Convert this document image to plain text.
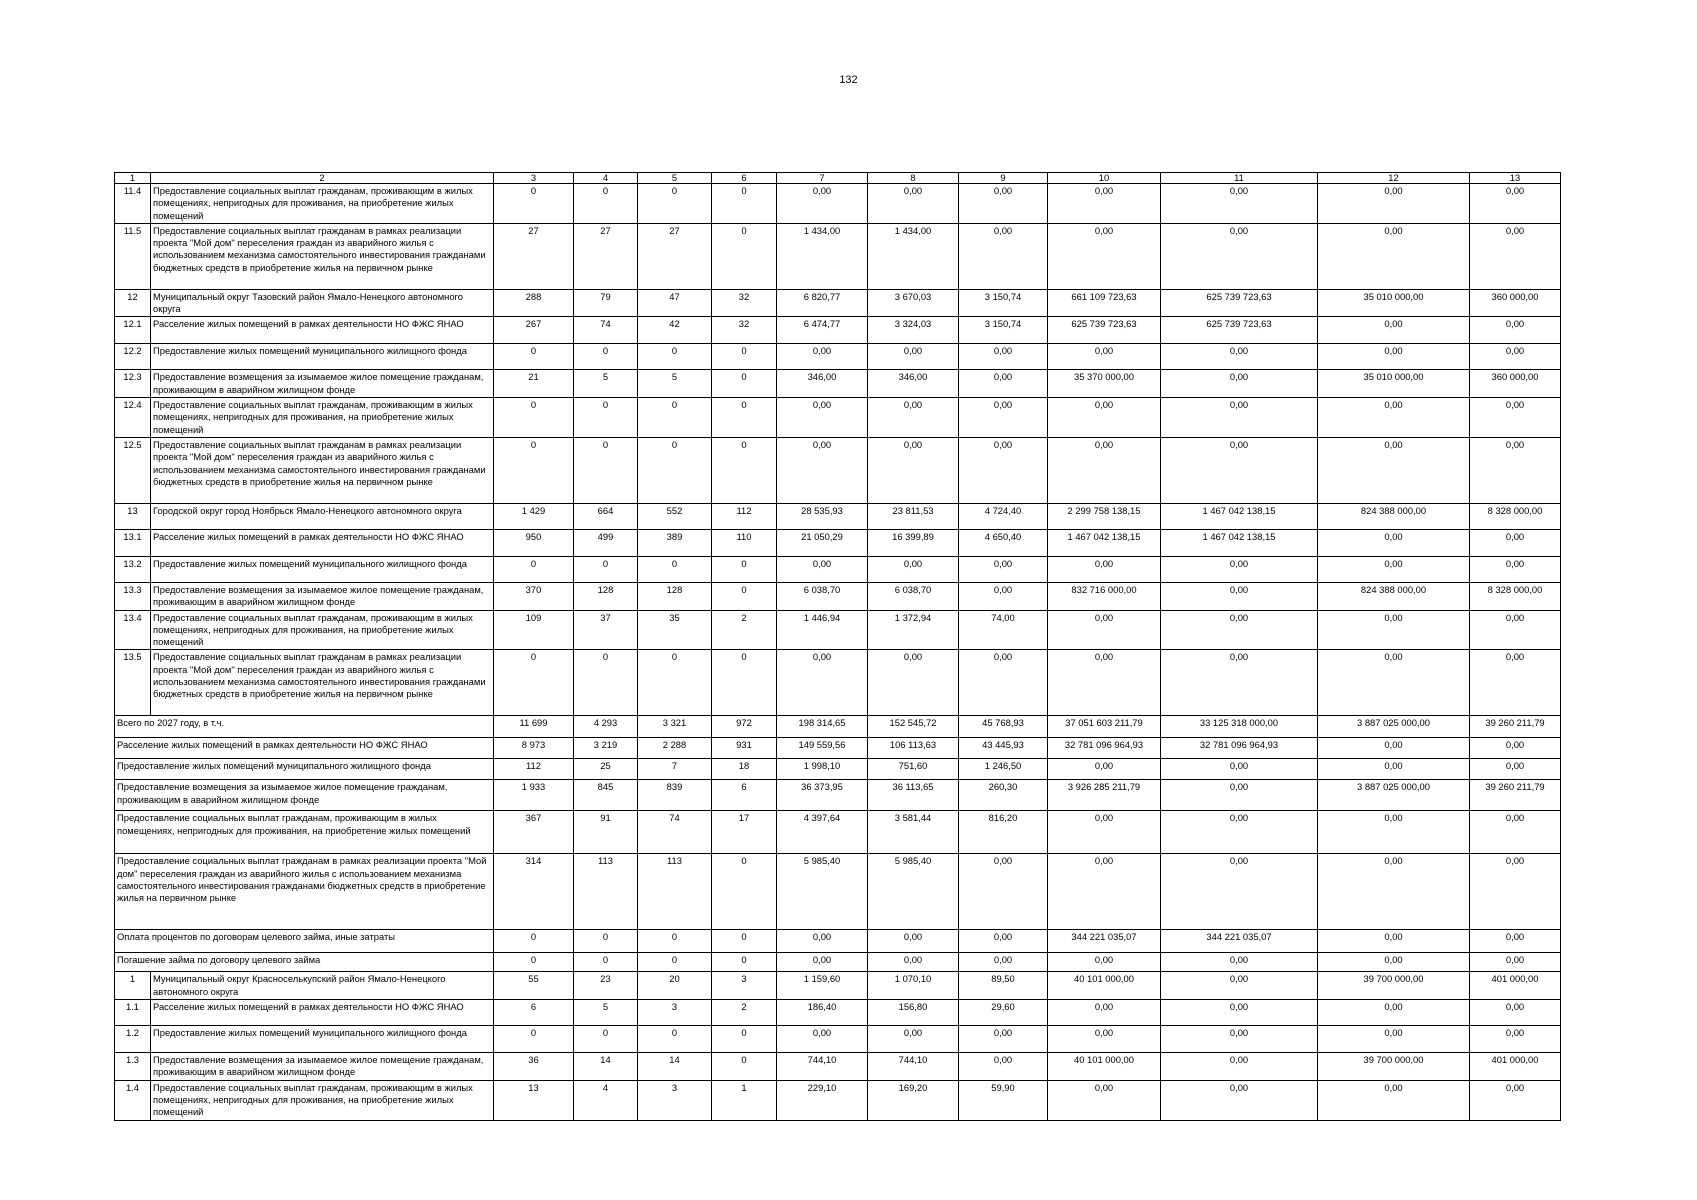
132
1	2	3	4	5	6	7	8	9	10	11	12	13
11.4	Предоставление социальных выплат гражданам, проживающим в жилых помещениях, непригодных для проживания, на приобретение жилых помещений	0	0	0	0	0,00	0,00	0,00	0,00	0,00	0,00	0,00
11.5	Предоставление социальных выплат гражданам в рамках реализации проекта "Мой дом" переселения граждан из аварийного жилья с использованием механизма самостоятельного инвестирования гражданами бюджетных средств в приобретение жилья на первичном рынке	27	27	27	0	1 434,00	1 434,00	0,00	0,00	0,00	0,00	0,00
12	Муниципальный округ Тазовский район Ямало-Ненецкого автономного округа	288	79	47	32	6 820,77	3 670,03	3 150,74	661 109 723,63	625 739 723,63	35 010 000,00	360 000,00
12.1	Расселение жилых помещений в рамках деятельности НО ФЖС ЯНАО	267	74	42	32	6 474,77	3 324,03	3 150,74	625 739 723,63	625 739 723,63	0,00	0,00
12.2	Предоставление жилых помещений муниципального жилищного фонда	0	0	0	0	0,00	0,00	0,00	0,00	0,00	0,00	0,00
12.3	Предоставление возмещения за изымаемое жилое помещение гражданам, проживающим в аварийном жилищном фонде	21	5	5	0	346,00	346,00	0,00	35 370 000,00	0,00	35 010 000,00	360 000,00
12.4	Предоставление социальных выплат гражданам, проживающим в жилых помещениях, непригодных для проживания, на приобретение жилых помещений	0	0	0	0	0,00	0,00	0,00	0,00	0,00	0,00	0,00
12.5	Предоставление социальных выплат гражданам в рамках реализации проекта "Мой дом" переселения граждан из аварийного жилья с использованием механизма самостоятельного инвестирования гражданами бюджетных средств в приобретение жилья на первичном рынке	0	0	0	0	0,00	0,00	0,00	0,00	0,00	0,00	0,00
13	Городской округ город Ноябрьск Ямало-Ненецкого автономного округа	1 429	664	552	112	28 535,93	23 811,53	4 724,40	2 299 758 138,15	1 467 042 138,15	824 388 000,00	8 328 000,00
13.1	Расселение жилых помещений в рамках деятельности НО ФЖС ЯНАО	950	499	389	110	21 050,29	16 399,89	4 650,40	1 467 042 138,15	1 467 042 138,15	0,00	0,00
13.2	Предоставление жилых помещений муниципального жилищного фонда	0	0	0	0	0,00	0,00	0,00	0,00	0,00	0,00	0,00
13.3	Предоставление возмещения за изымаемое жилое помещение гражданам, проживающим в аварийном жилищном фонде	370	128	128	0	6 038,70	6 038,70	0,00	832 716 000,00	0,00	824 388 000,00	8 328 000,00
13.4	Предоставление социальных выплат гражданам, проживающим в жилых помещениях, непригодных для проживания, на приобретение жилых помещений	109	37	35	2	1 446,94	1 372,94	74,00	0,00	0,00	0,00	0,00
13.5	Предоставление социальных выплат гражданам в рамках реализации проекта "Мой дом" переселения граждан из аварийного жилья с использованием механизма самостоятельного инвестирования гражданами бюджетных средств в приобретение жилья на первичном рынке	0	0	0	0	0,00	0,00	0,00	0,00	0,00	0,00	0,00
Всего по 2027 году, в т.ч.		11 699	4 293	3 321	972	198 314,65	152 545,72	45 768,93	37 051 603 211,79	33 125 318 000,00	3 887 025 000,00	39 260 211,79
Расселение жилых помещений в рамках деятельности НО ФЖС ЯНАО		8 973	3 219	2 288	931	149 559,56	106 113,63	43 445,93	32 781 096 964,93	32 781 096 964,93	0,00	0,00
Предоставление жилых помещений муниципального жилищного фонда		112	25	7	18	1 998,10	751,60	1 246,50	0,00	0,00	0,00	0,00
Предоставление возмещения за изымаемое жилое помещение гражданам, проживающим в аварийном жилищном фонде		1 933	845	839	6	36 373,95	36 113,65	260,30	3 926 285 211,79	0,00	3 887 025 000,00	39 260 211,79
Предоставление социальных выплат гражданам, проживающим в жилых помещениях, непригодных для проживания, на приобретение жилых помещений		367	91	74	17	4 397,64	3 581,44	816,20	0,00	0,00	0,00	0,00
Предоставление социальных выплат гражданам в рамках реализации проекта "Мой дом" переселения граждан из аварийного жилья с использованием механизма самостоятельного инвестирования гражданами бюджетных средств в приобретение жилья на первичном рынке		314	113	113	0	5 985,40	5 985,40	0,00	0,00	0,00	0,00	0,00
Оплата процентов по договорам целевого займа, иные затраты		0	0	0	0	0,00	0,00	0,00	344 221 035,07	344 221 035,07	0,00	0,00
Погашение займа по договору целевого займа		0	0	0	0	0,00	0,00	0,00	0,00	0,00	0,00	0,00
1	Муниципальный округ Красноселькупский район Ямало-Ненецкого автономного округа	55	23	20	3	1 159,60	1 070,10	89,50	40 101 000,00	0,00	39 700 000,00	401 000,00
1.1	Расселение жилых помещений в рамках деятельности НО ФЖС ЯНАО	6	5	3	2	186,40	156,80	29,60	0,00	0,00	0,00	0,00
1.2	Предоставление жилых помещений муниципального жилищного фонда	0	0	0	0	0,00	0,00	0,00	0,00	0,00	0,00	0,00
1.3	Предоставление возмещения за изымаемое жилое помещение гражданам, проживающим в аварийном жилищном фонде	36	14	14	0	744,10	744,10	0,00	40 101 000,00	0,00	39 700 000,00	401 000,00
1.4	Предоставление социальных выплат гражданам, проживающим в жилых помещениях, непригодных для проживания, на приобретение жилых помещений	13	4	3	1	229,10	169,20	59,90	0,00	0,00	0,00	0,00
